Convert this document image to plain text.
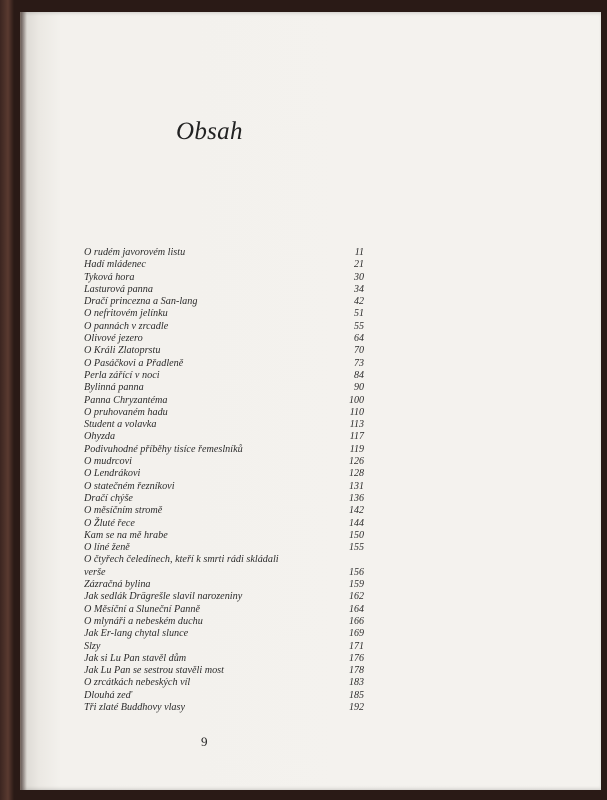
Obsah
O rudém javorovém listu	11
Hadí mládenec	21
Tyková hora	30
Lasturová panna	34
Dračí princezna a San-lang	42
O nefritovém jelínku	51
O pannách v zrcadle	55
Olivové jezero	64
O Králi Zlatoprstu	70
O Pasáčkovi a Přadleně	73
Perla zářící v noci	84
Bylinná panna	90
Panna Chryzantéma	100
O pruhovaném hadu	110
Student a volavka	113
Ohyzda	117
Podivuhodné příběhy tisíce řemeslníků	119
O mudrcovi	126
O Lendrákovi	128
O statečném řezníkovi	131
Dračí chýše	136
O měsíčním stromě	142
O Žluté řece	144
Kam se na mě hrabe	150
O líné ženě	155
O čtyřech čeledínech, kteří k smrti rádi skládali
verše	156
Zázračná bylina	159
Jak sedlák Drägrešle slavil narozeniny	162
O Měsíční a Sluneční Panně	164
O mlynáři a nebeském duchu	166
Jak Er-lang chytal slunce	169
Slzy	171
Jak si Lu Pan stavěl dům	176
Jak Lu Pan se sestrou stavěli most	178
O zrcátkách nebeských víl	183
Dlouhá zeď	185
Tři zlaté Buddhovy vlasy	192
9
